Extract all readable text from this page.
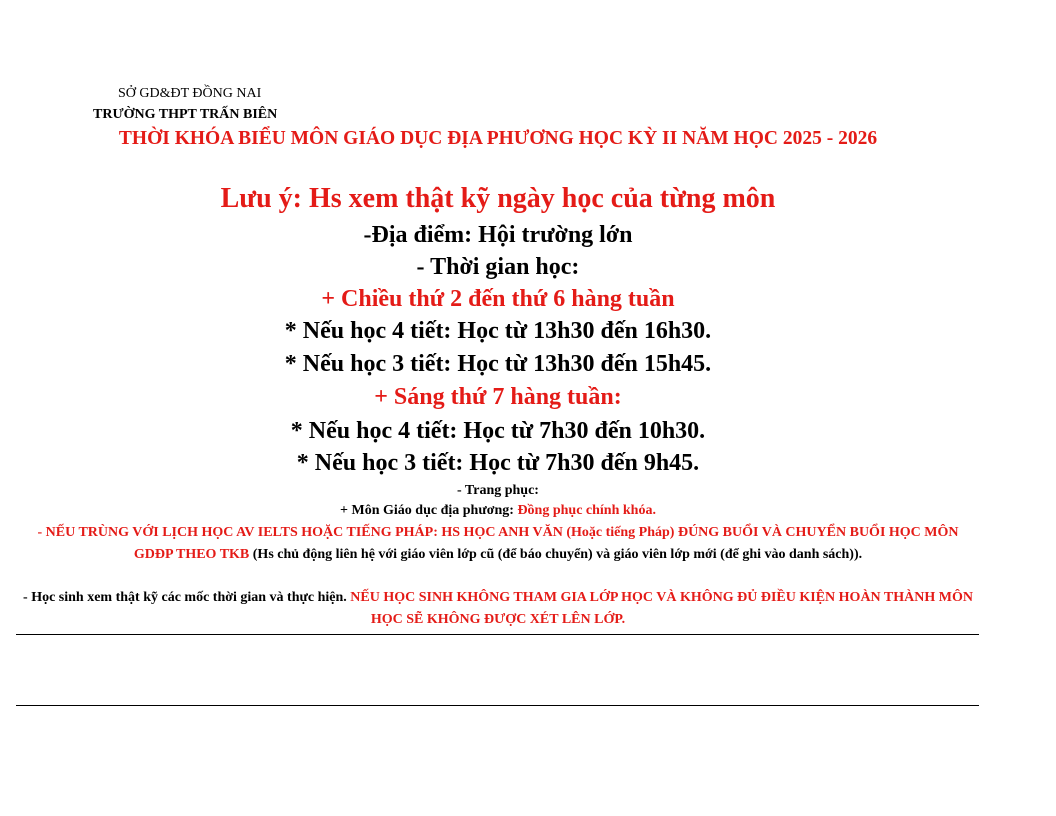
SỞ GD&ĐT ĐỒNG NAI
TRƯỜNG THPT TRẤN BIÊN
THỜI KHÓA BIỂU MÔN GIÁO DỤC ĐỊA PHƯƠNG HỌC KỲ II NĂM HỌC 2025 - 2026
Lưu ý: Hs xem thật kỹ ngày học của từng môn
-Địa điểm: Hội trường lớn
- Thời gian học:
+ Chiều thứ 2 đến thứ 6 hàng tuần
* Nếu học 4 tiết: Học từ 13h30 đến 16h30.
* Nếu học 3 tiết: Học từ 13h30 đến 15h45.
+ Sáng thứ 7 hàng tuần:
* Nếu học 4 tiết: Học từ 7h30 đến 10h30.
* Nếu học 3 tiết: Học từ 7h30 đến 9h45.
- Trang phục:
+ Môn Giáo dục địa phương: Đồng phục chính khóa.
- NẾU TRÙNG VỚI LỊCH HỌC AV IELTS HOẶC TIẾNG PHÁP: HS HỌC ANH VĂN (Hoặc tiếng Pháp) ĐÚNG BUỔI VÀ CHUYỂN BUỔI HỌC MÔN GDĐP THEO TKB (Hs chủ động liên hệ với giáo viên lớp cũ (để báo chuyển) và giáo viên lớp mới (để ghi vào danh sách)).
- Học sinh xem thật kỹ các mốc thời gian và thực hiện. NẾU HỌC SINH KHÔNG THAM GIA LỚP HỌC VÀ KHÔNG ĐỦ ĐIỀU KIỆN HOÀN THÀNH MÔN HỌC SẼ KHÔNG ĐƯỢC XÉT LÊN LỚP.
